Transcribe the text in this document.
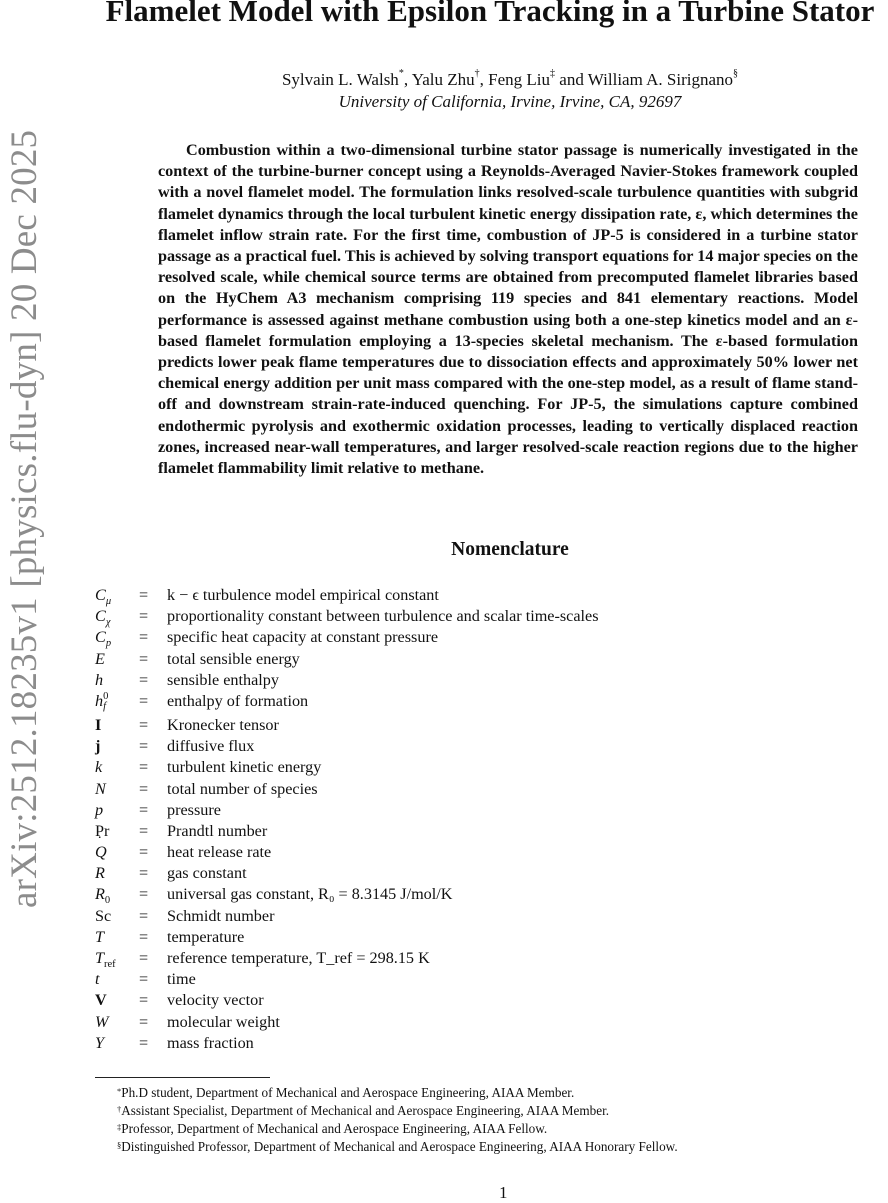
arXiv:2512.18235v1 [physics.flu-dyn] 20 Dec 2025
Flamelet Model with Epsilon Tracking in a Turbine Stator
Sylvain L. Walsh*, Yalu Zhu†, Feng Liu‡ and William A. Sirignano§
University of California, Irvine, Irvine, CA, 92697

Combustion within a two-dimensional turbine stator passage is numerically investigated in the context of the turbine-burner concept using a Reynolds-Averaged Navier-Stokes framework coupled with a novel flamelet model. The formulation links resolved-scale turbulence quantities with subgrid flamelet dynamics through the local turbulent kinetic energy dissipation rate, ε, which determines the flamelet inflow strain rate. For the first time, combustion of JP-5 is considered in a turbine stator passage as a practical fuel. This is achieved by solving transport equations for 14 major species on the resolved scale, while chemical source terms are obtained from precomputed flamelet libraries based on the HyChem A3 mechanism comprising 119 species and 841 elementary reactions. Model performance is assessed against methane combustion using both a one-step kinetics model and an ε-based flamelet formulation employing a 13-species skeletal mechanism. The ε-based formulation predicts lower peak flame temperatures due to dissociation effects and approximately 50% lower net chemical energy addition per unit mass compared with the one-step model, as a result of flame stand-off and downstream strain-rate-induced quenching. For JP-5, the simulations capture combined endothermic pyrolysis and exothermic oxidation processes, leading to vertically displaced reaction zones, increased near-wall temperatures, and larger resolved-scale reaction regions due to the higher flamelet flammability limit relative to methane.

Nomenclature
$C_\mu = k - \epsilon$ turbulence model empirical constant
$C_\chi$ = proportionality constant between turbulence and scalar time-scales
$C_p$ = specific heat capacity at constant pressure
E = total sensible energy
h = sensible enthalpy
h 0
f = enthalpy of formation
I = Kronecker tensor
j = diffusive flux
k = turbulent kinetic energy
N = total number of species
p = pressure
Pr = Prandtl number
˙ Q = heat release rate
R = gas constant
$R_0$ = universal gas constant, R₀ = 8.3145 J/mol/K
Sc = Schmidt number
T = temperature
$T_{ref}$ = reference temperature, T_ref = 298.15 K
t = time
V = velocity vector
W = molecular weight
Y = mass fraction
*Ph.D student, Department of Mechanical and Aerospace Engineering, AIAA Member.
†Assistant Specialist, Department of Mechanical and Aerospace Engineering, AIAA Member.
‡Professor, Department of Mechanical and Aerospace Engineering, AIAA Fellow.
§Distinguished Professor, Department of Mechanical and Aerospace Engineering, AIAA Honorary Fellow.
1
